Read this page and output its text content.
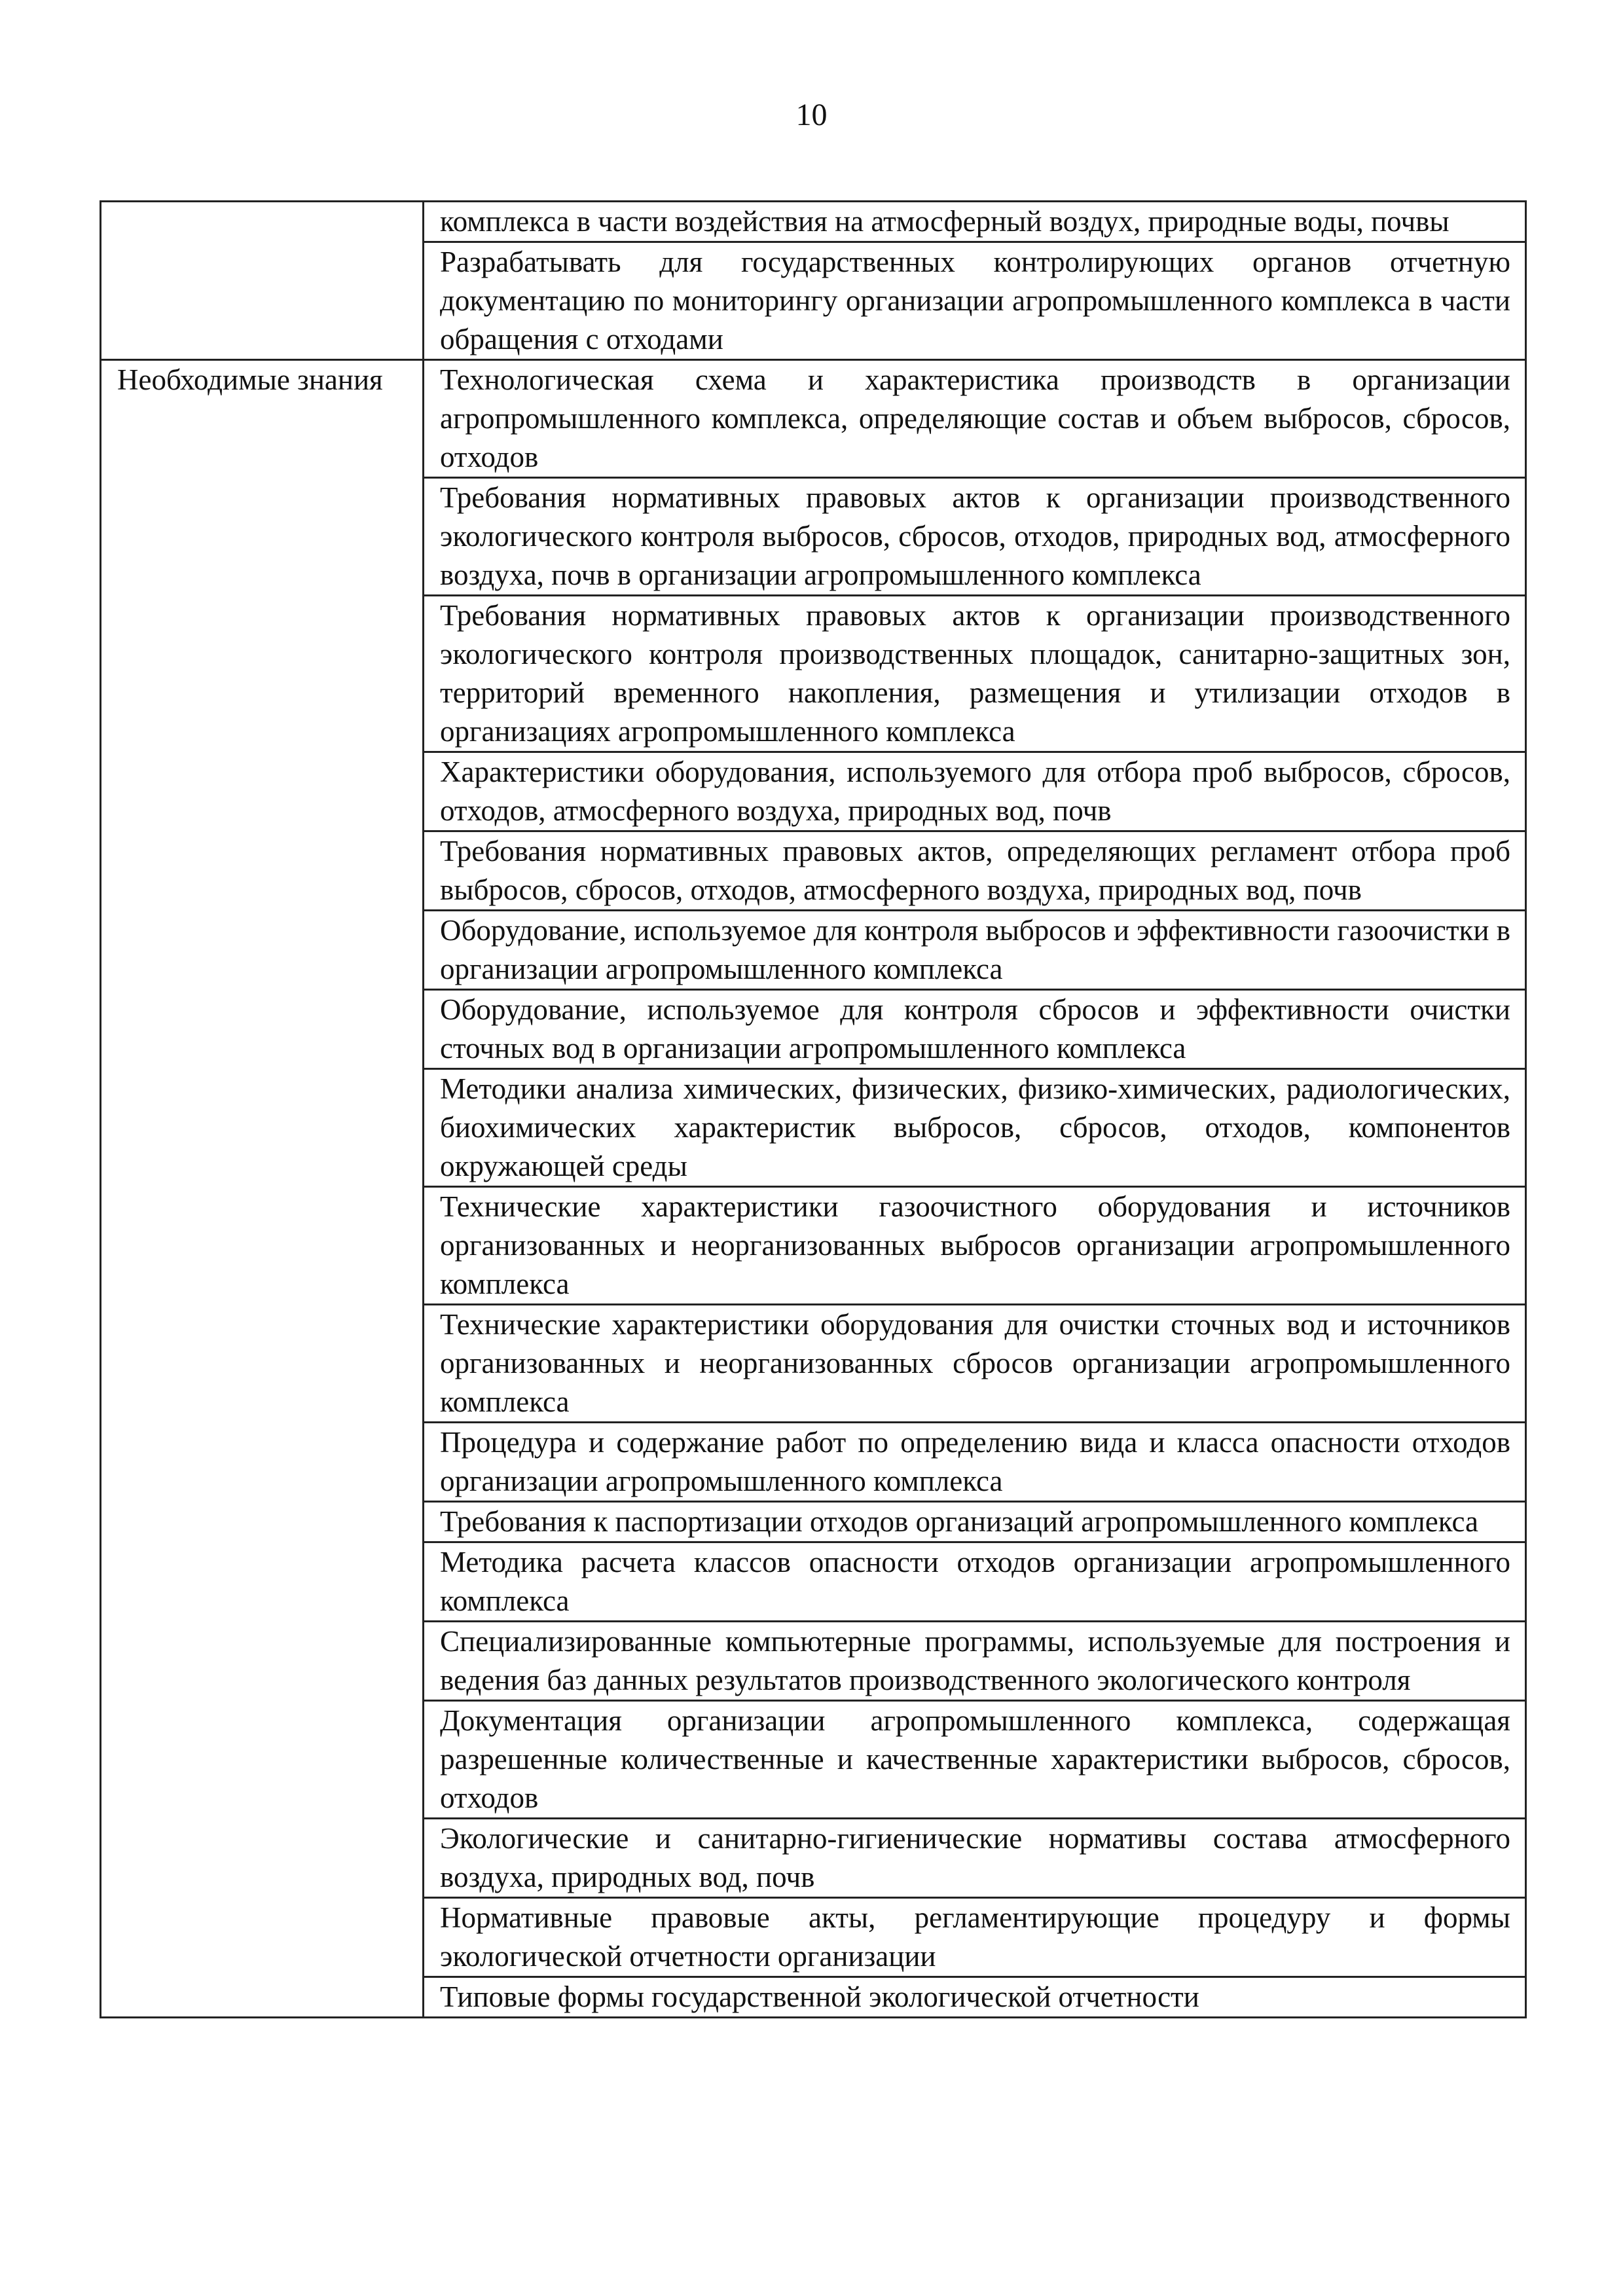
10
	комплекса в части воздействия на атмосферный воздух, природные воды, почвы
	Разрабатывать для государственных контролирующих органов отчетную документацию по мониторингу организации агропромышленного комплекса в части обращения с отходами
Необходимые знания	Технологическая схема и характеристика производств в организации агропромышленного комплекса, определяющие состав и объем выбросов, сбросов, отходов
	Требования нормативных правовых актов к организации производственного экологического контроля выбросов, сбросов, отходов, природных вод, атмосферного воздуха, почв в организации агропромышленного комплекса
	Требования нормативных правовых актов к организации производственного экологического контроля производственных площадок, санитарно-защитных зон, территорий временного накопления, размещения и утилизации отходов в организациях агропромышленного комплекса
	Характеристики оборудования, используемого для отбора проб выбросов, сбросов, отходов, атмосферного воздуха, природных вод, почв
	Требования нормативных правовых актов, определяющих регламент отбора проб выбросов, сбросов, отходов, атмосферного воздуха, природных вод, почв
	Оборудование, используемое для контроля выбросов и эффективности газоочистки в организации агропромышленного комплекса
	Оборудование, используемое для контроля сбросов и эффективности очистки сточных вод в организации агропромышленного комплекса
	Методики анализа химических, физических, физико-химических, радиологических, биохимических характеристик выбросов, сбросов, отходов, компонентов окружающей среды
	Технические характеристики газоочистного оборудования и источников организованных и неорганизованных выбросов организации агропромышленного комплекса
	Технические характеристики оборудования для очистки сточных вод и источников организованных и неорганизованных сбросов организации агропромышленного комплекса
	Процедура и содержание работ по определению вида и класса опасности отходов организации агропромышленного комплекса
	Требования к паспортизации отходов организаций агропромышленного комплекса
	Методика расчета классов опасности отходов организации агропромышленного комплекса
	Специализированные компьютерные программы, используемые для построения и ведения баз данных результатов производственного экологического контроля
	Документация организации агропромышленного комплекса, содержащая разрешенные количественные и качественные характеристики выбросов, сбросов, отходов
	Экологические и санитарно-гигиенические нормативы состава атмосферного воздуха, природных вод, почв
	Нормативные правовые акты, регламентирующие процедуру и формы экологической отчетности организации
	Типовые формы государственной экологической отчетности
